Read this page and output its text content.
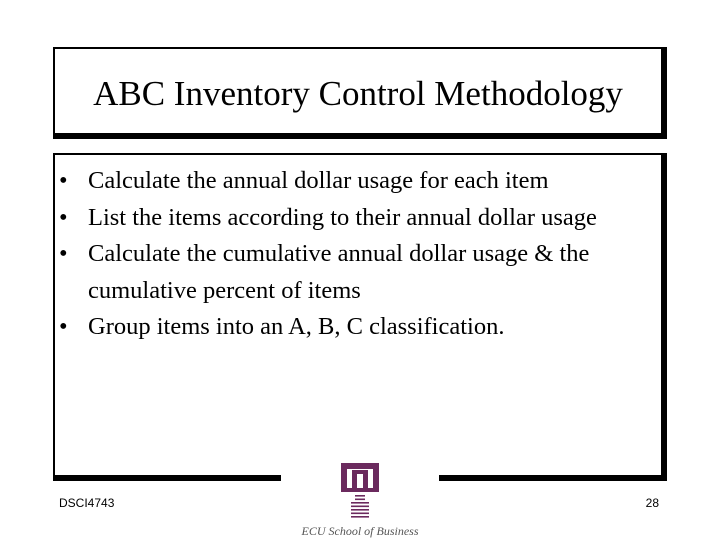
ABC Inventory Control Methodology
• Calculate the annual dollar usage for each item
• List the items according to their annual dollar usage
• Calculate the cumulative annual dollar usage & the cumulative percent of items
• Group items into an A, B, C classification.
DSCI4743	28
ECU School of Business
